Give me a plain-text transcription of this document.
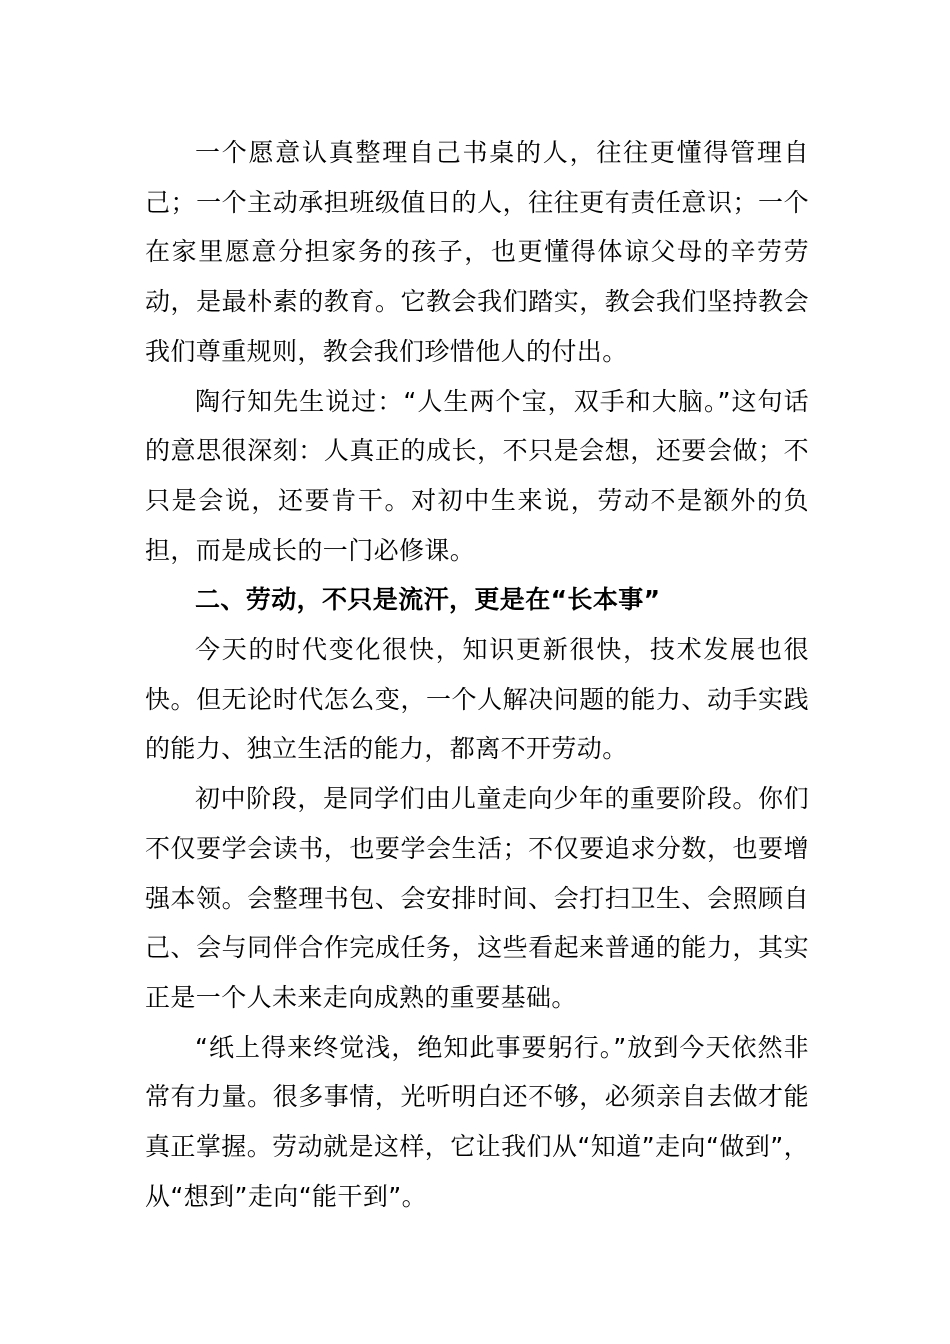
一个愿意认真整理自己书桌的人，往往更懂得管理自己；一个主动承担班级值日的人，往往更有责任意识；一个在家里愿意分担家务的孩子，也更懂得体谅父母的辛劳劳动，是最朴素的教育。它教会我们踏实，教会我们坚持教会我们尊重规则，教会我们珍惜他人的付出。

陶行知先生说过：“人生两个宝，双手和大脑。”这句话的意思很深刻：人真正的成长，不只是会想，还要会做；不只是会说，还要肯干。对初中生来说，劳动不是额外的负担，而是成长的一门必修课。

二、劳动，不只是流汗，更是在“长本事”

今天的时代变化很快，知识更新很快，技术发展也很快。但无论时代怎么变，一个人解决问题的能力、动手实践的能力、独立生活的能力，都离不开劳动。

初中阶段，是同学们由儿童走向少年的重要阶段。你们不仅要学会读书，也要学会生活；不仅要追求分数，也要增强本领。会整理书包、会安排时间、会打扫卫生、会照顾自己、会与同伴合作完成任务，这些看起来普通的能力，其实正是一个人未来走向成熟的重要基础。

“纸上得来终觉浅，绝知此事要躬行。”放到今天依然非常有力量。很多事情，光听明白还不够，必须亲自去做才能真正掌握。劳动就是这样，它让我们从“知道”走向“做到”，从“想到”走向“能干到”。
